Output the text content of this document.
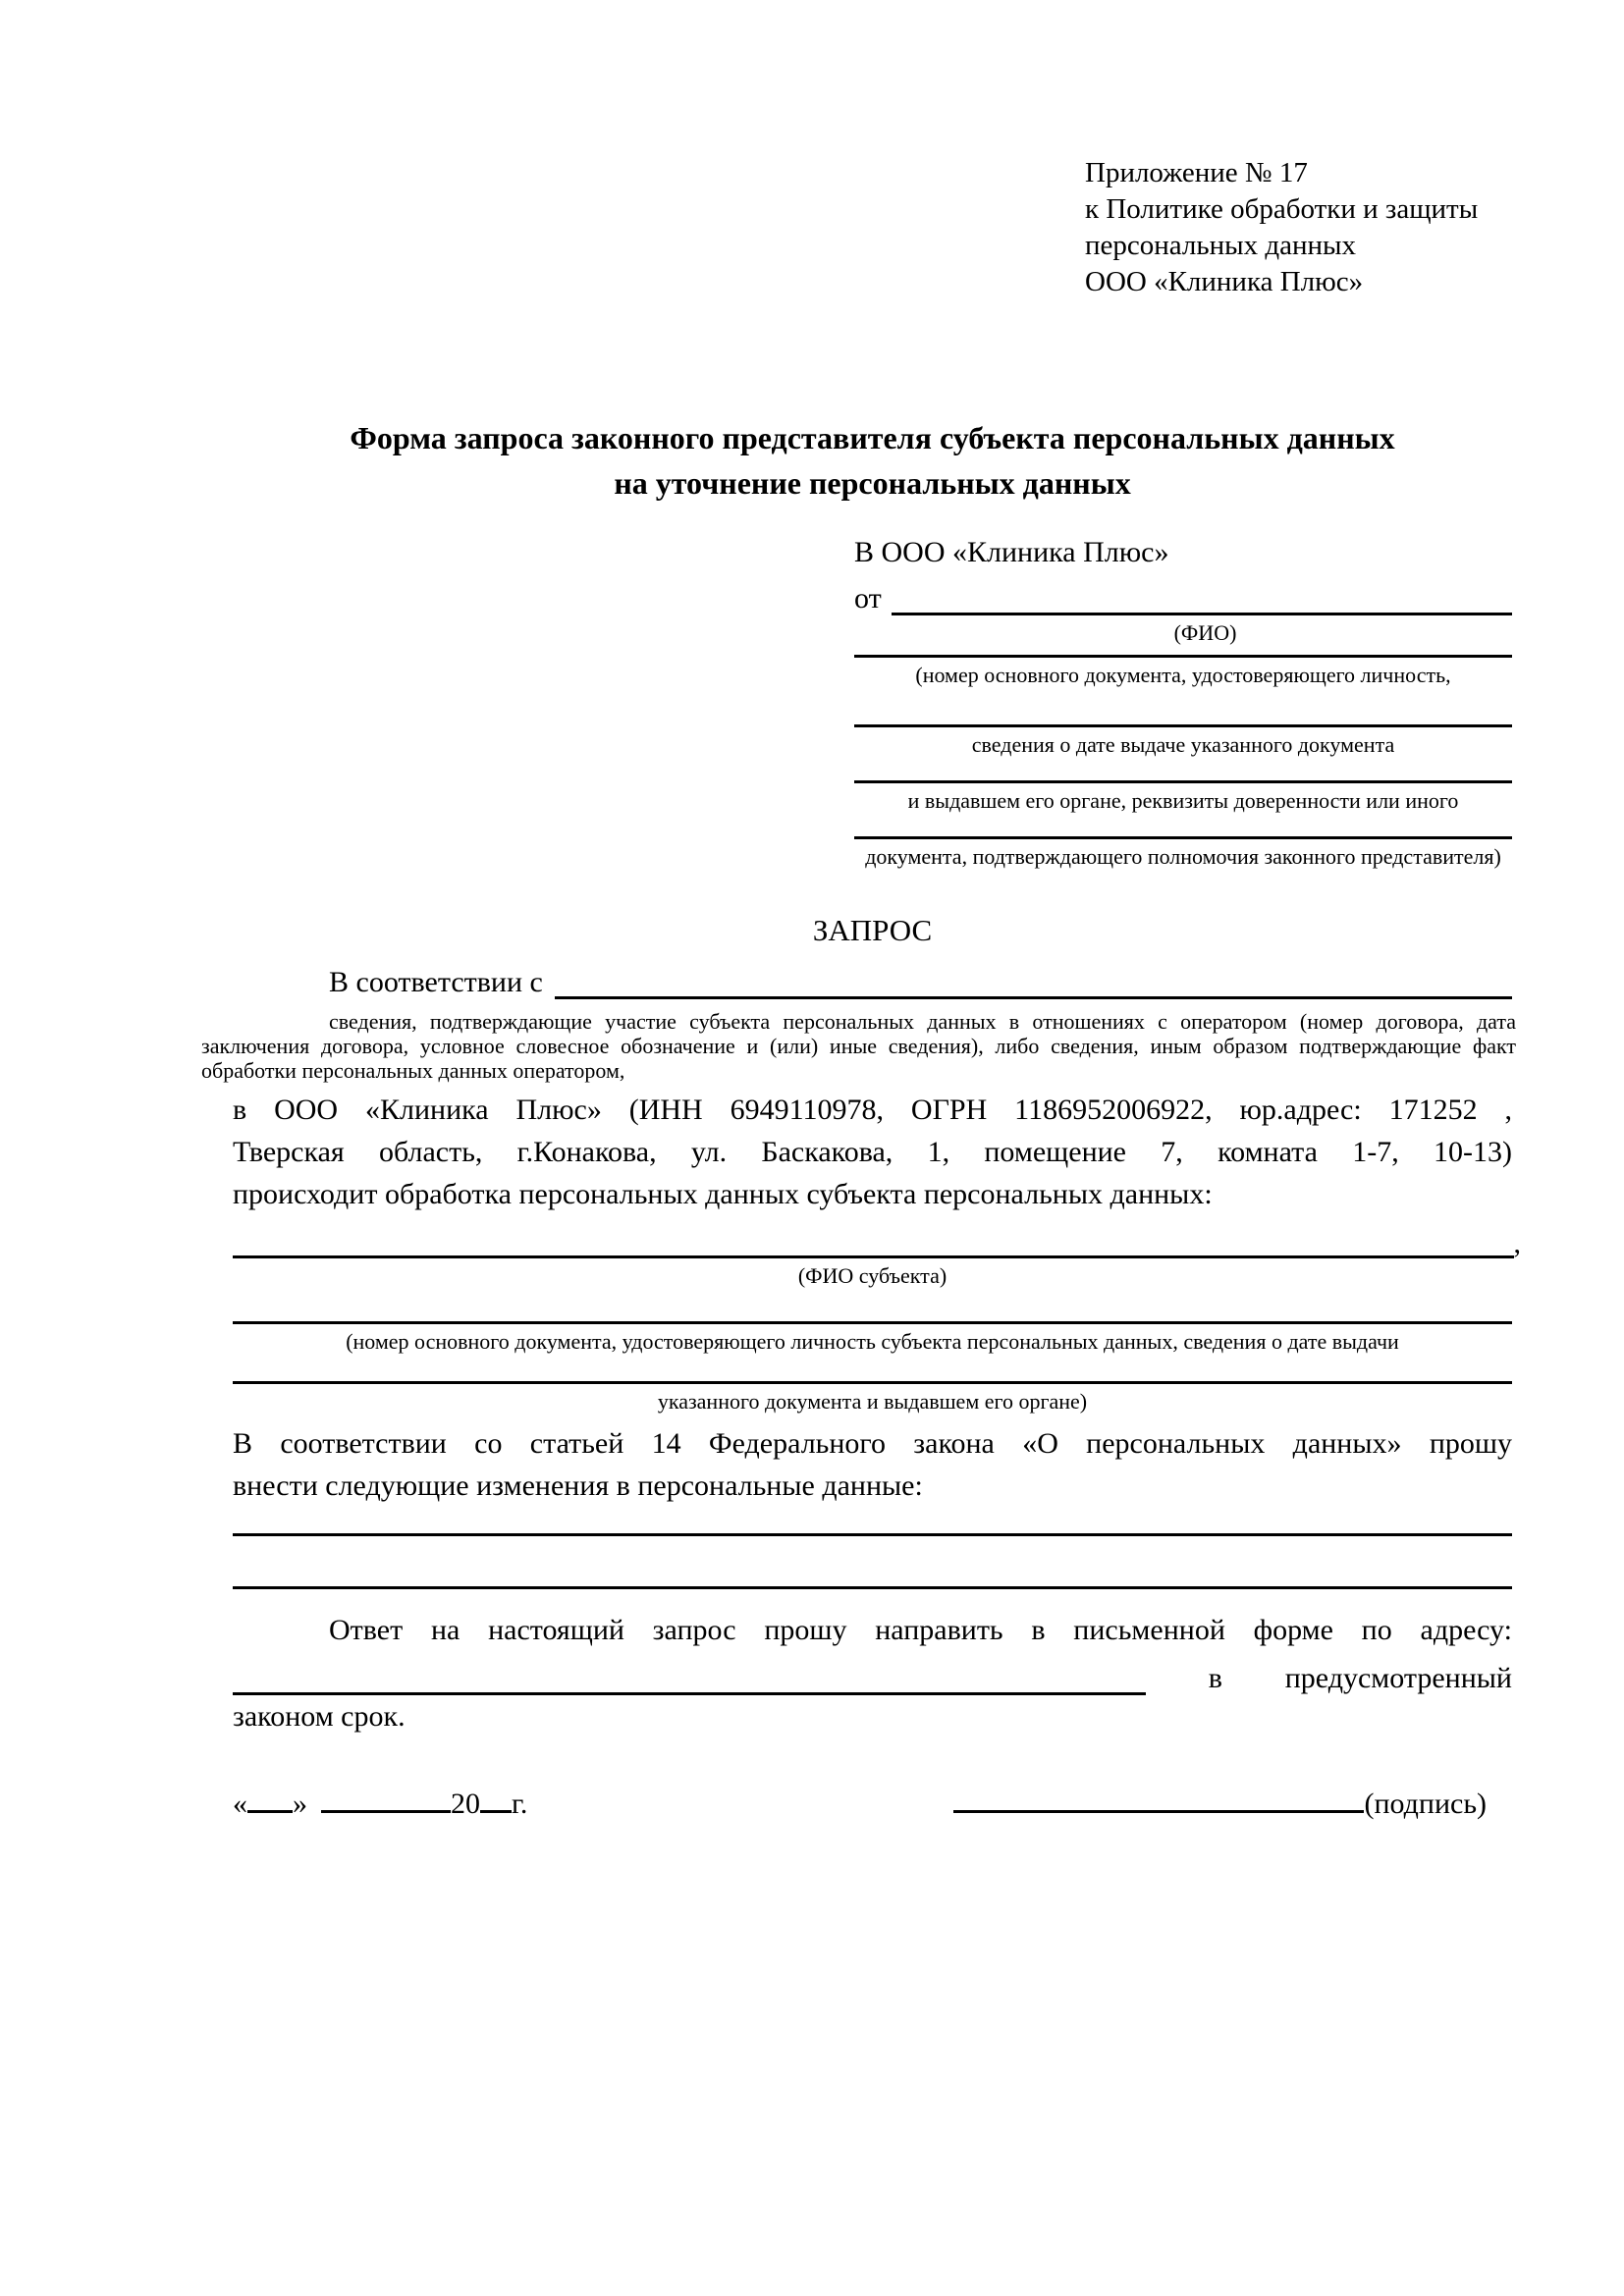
Приложение № 17
к Политике обработки и защиты
персональных данных
ООО «Клиника Плюс»
Форма запроса законного представителя субъекта персональных данных
на уточнение персональных данных
В ООО «Клиника Плюс»
от
(ФИО)
(номер основного документа, удостоверяющего личность,
сведения о дате выдаче указанного документа
и выдавшем его органе, реквизиты доверенности или иного
документа, подтверждающего полномочия законного представителя)
ЗАПРОС
В соответствии с
сведения, подтверждающие участие субъекта персональных данных в отношениях с оператором (номер договора, дата
заключения договора, условное словесное обозначение и (или) иные сведения), либо сведения, иным образом подтверждающие факт
обработки персональных данных оператором,
в ООО «Клиника Плюс» (ИНН 6949110978, ОГРН 1186952006922, юр.адрес: 171252 ,
Тверская область, г.Конакова, ул. Баскакова, 1, помещение 7, комната 1-7, 10-13)
происходит обработка персональных данных субъекта персональных данных:
,
(ФИО субъекта)
(номер основного документа, удостоверяющего личность субъекта персональных данных, сведения о дате выдачи
указанного документа и выдавшем его органе)
В соответствии со статьей 14 Федерального закона «О персональных данных» прошу
внести следующие изменения в персональные данные:
Ответ на настоящий запрос прошу направить в письменной форме по адресу:
в предусмотренный
законом срок.
« »	20 г.	(подпись)
